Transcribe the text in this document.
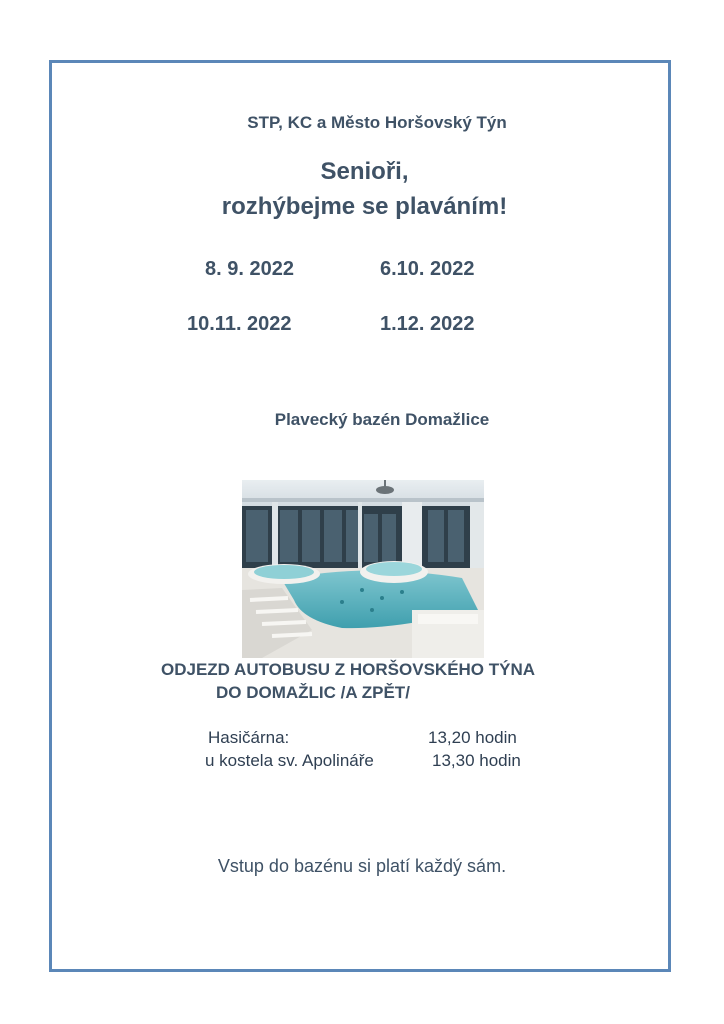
STP, KC a Město Horšovský Týn
Senioři,
rozhýbejme se plaváním!
8. 9. 2022	6.10. 2022
10.11. 2022	1.12. 2022
Plavecký bazén Domažlice
ODJEZD AUTOBUSU Z HORŠOVSKÉHO TÝNA
DO DOMAŽLIC /A ZPĚT/
Hasičárna:	13,20 hodin
u kostela sv. Apolináře	13,30 hodin
Vstup do bazénu si platí každý sám.
